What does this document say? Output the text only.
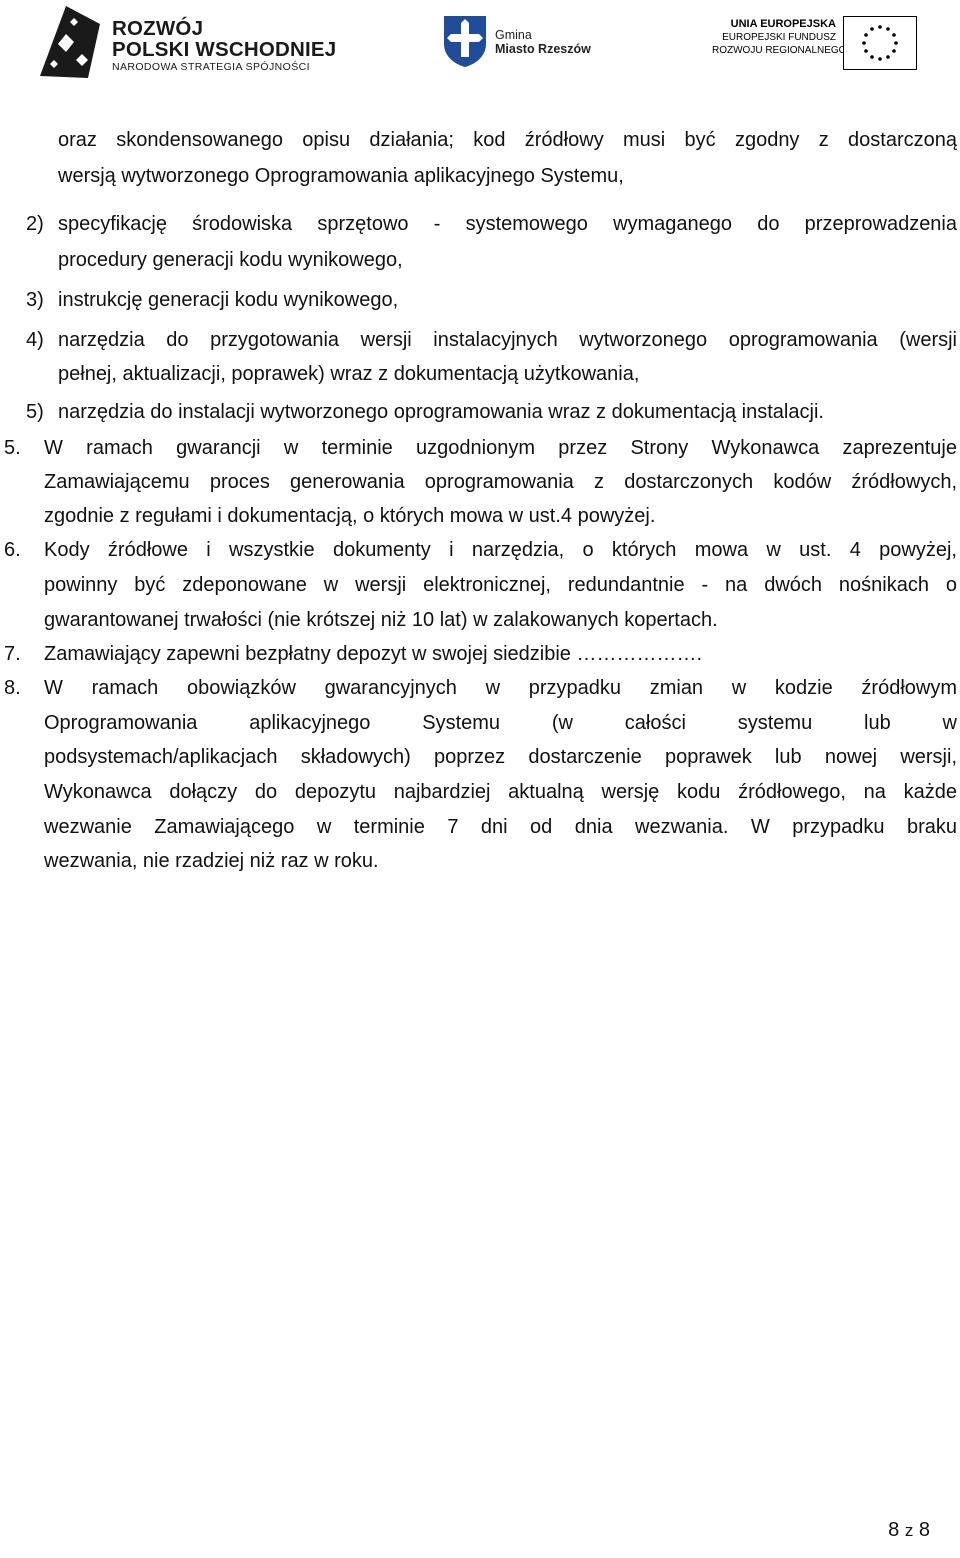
ROZWÓJ
POLSKI WSCHODNIEJ
NARODOWA STRATEGIA SPÓJNOŚCI
Gmina
Miasto Rzeszów
UNIA EUROPEJSKA
EUROPEJSKI FUNDUSZ
ROZWOJU REGIONALNEGO
oraz skondensowanego opisu działania; kod źródłowy musi być zgodny z dostarczoną
wersją wytworzonego Oprogramowania aplikacyjnego Systemu,
2) specyfikację środowiska sprzętowo - systemowego wymaganego do przeprowadzenia
procedury generacji kodu wynikowego,
3) instrukcję generacji kodu wynikowego,
4) narzędzia do przygotowania wersji instalacyjnych wytworzonego oprogramowania (wersji
pełnej, aktualizacji, poprawek) wraz z dokumentacją użytkowania,
5) narzędzia do instalacji wytworzonego oprogramowania wraz z dokumentacją instalacji.
5. W ramach gwarancji w terminie uzgodnionym przez Strony Wykonawca zaprezentuje
Zamawiającemu proces generowania oprogramowania z dostarczonych kodów źródłowych,
zgodnie z regułami i dokumentacją, o których mowa w ust.4 powyżej.
6. Kody źródłowe i wszystkie dokumenty i narzędzia, o których mowa w ust. 4 powyżej,
powinny być zdeponowane w wersji elektronicznej, redundantnie - na dwóch nośnikach o
gwarantowanej trwałości (nie krótszej niż 10 lat) w zalakowanych kopertach.
7. Zamawiający zapewni bezpłatny depozyt w swojej siedzibie ……………….
8. W ramach obowiązków gwarancyjnych w przypadku zmian w kodzie źródłowym
Oprogramowania aplikacyjnego Systemu (w całości systemu lub w
podsystemach/aplikacjach składowych) poprzez dostarczenie poprawek lub nowej wersji,
Wykonawca dołączy do depozytu najbardziej aktualną wersję kodu źródłowego, na każde
wezwanie Zamawiającego w terminie 7 dni od dnia wezwania. W przypadku braku
wezwania, nie rzadziej niż raz w roku.
8 z 8
